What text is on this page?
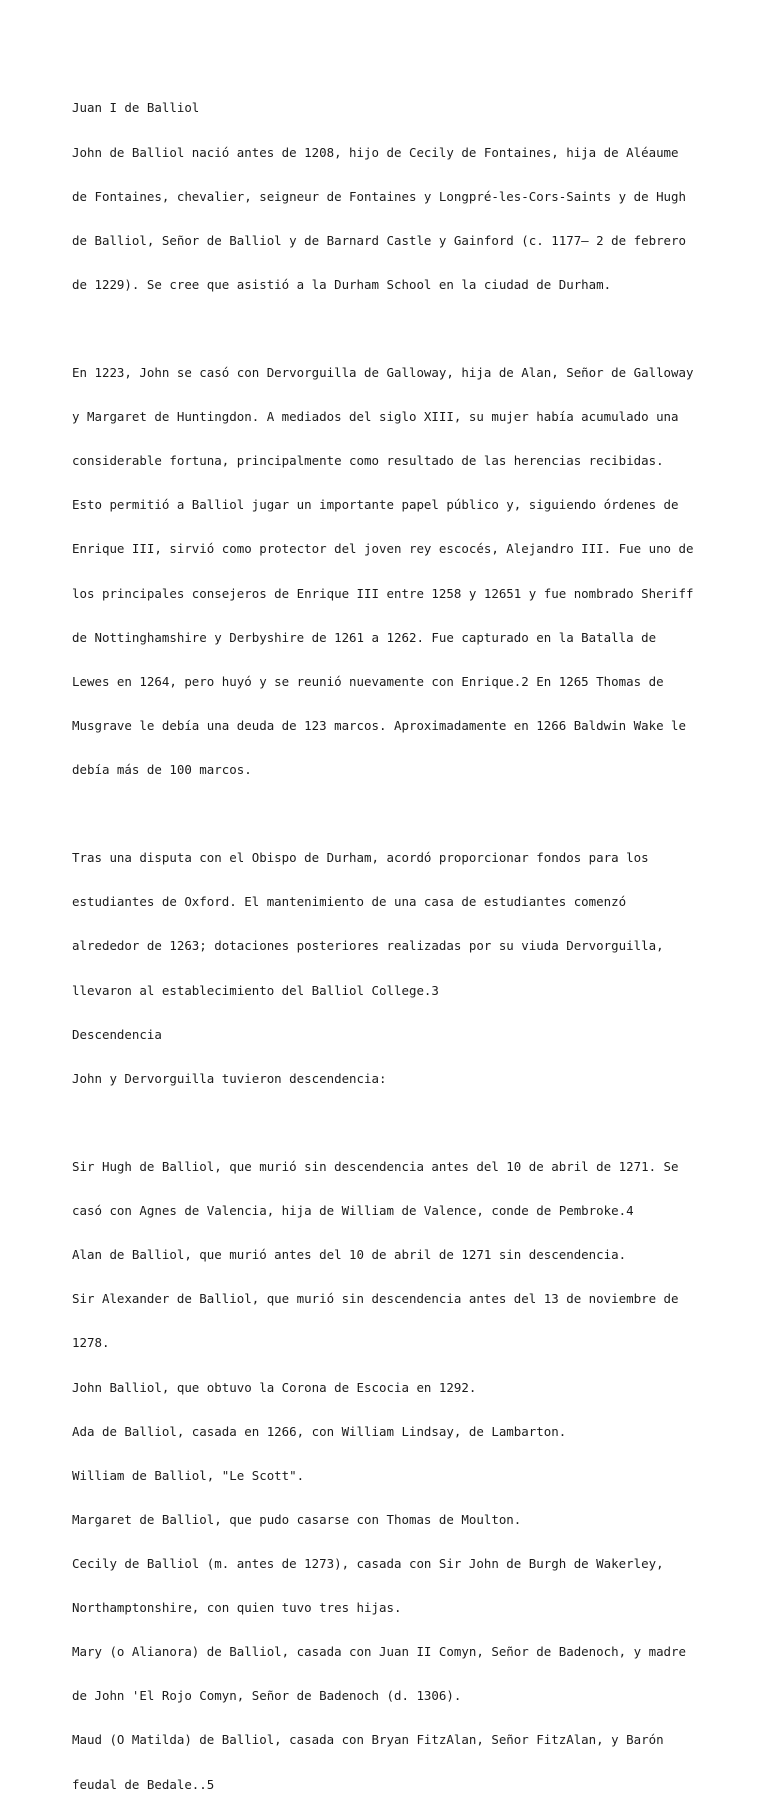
Juan I de Balliol

John de Balliol nació antes de 1208, hijo de Cecily de Fontaines, hija de Aléaume

de Fontaines, chevalier, seigneur de Fontaines y Longpré-les-Cors-Saints y de Hugh

de Balliol, Señor de Balliol y de Barnard Castle y Gainford (c. 1177– 2 de febrero

de 1229). Se cree que asistió a la Durham School en la ciudad de Durham.

En 1223, John se casó con Dervorguilla de Galloway, hija de Alan, Señor de Galloway

y Margaret de Huntingdon. A mediados del siglo XIII, su mujer había acumulado una

considerable fortuna, principalmente como resultado de las herencias recibidas.

Esto permitió a Balliol jugar un importante papel público y, siguiendo órdenes de

Enrique III, sirvió como protector del joven rey escocés, Alejandro III. Fue uno de

los principales consejeros de Enrique III entre 1258 y 12651 y fue nombrado Sheriff

de Nottinghamshire y Derbyshire de 1261 a 1262. Fue capturado en la Batalla de

Lewes en 1264, pero huyó y se reunió nuevamente con Enrique.2 En 1265 Thomas de

Musgrave le debía una deuda de 123 marcos. Aproximadamente en 1266 Baldwin Wake le

debía más de 100 marcos.

Tras una disputa con el Obispo de Durham, acordó proporcionar fondos para los

estudiantes de Oxford. El mantenimiento de una casa de estudiantes comenzó

alrededor de 1263; dotaciones posteriores realizadas por su viuda Dervorguilla,

llevaron al establecimiento del Balliol College.3

Descendencia

John y Dervorguilla tuvieron descendencia:

Sir Hugh de Balliol, que murió sin descendencia antes del 10 de abril de 1271. Se

casó con Agnes de Valencia, hija de William de Valence, conde de Pembroke.4

Alan de Balliol, que murió antes del 10 de abril de 1271 sin descendencia.

Sir Alexander de Balliol, que murió sin descendencia antes del 13 de noviembre de

1278.

John Balliol, que obtuvo la Corona de Escocia en 1292.

Ada de Balliol, casada en 1266, con William Lindsay, de Lambarton.

William de Balliol, "Le Scott".

Margaret de Balliol, que pudo casarse con Thomas de Moulton.

Cecily de Balliol (m. antes de 1273), casada con Sir John de Burgh de Wakerley,

Northamptonshire, con quien tuvo tres hijas.

Mary (o Alianora) de Balliol, casada con Juan II Comyn, Señor de Badenoch, y madre

de John 'El Rojo Comyn, Señor de Badenoch (d. 1306).

Maud (O Matilda) de Balliol, casada con Bryan FitzAlan, Señor FitzAlan, y Barón

feudal de Bedale..5
